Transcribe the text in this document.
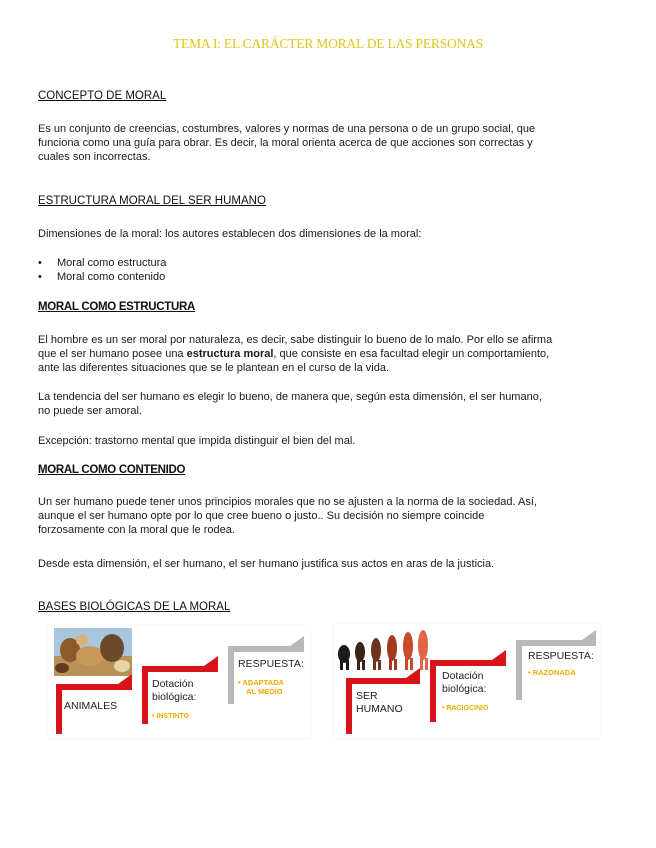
TEMA I: EL CARÁCTER MORAL DE LAS PERSONAS
CONCEPTO DE MORAL
Es un conjunto de creencias, costumbres, valores y normas de una persona o de un grupo social, que
funciona como una guía para obrar. Es decir, la moral orienta acerca de que acciones son correctas y
cuales son incorrectas.
ESTRUCTURA MORAL DEL SER HUMANO
Dimensiones de la moral: los autores establecen dos dimensiones de la moral:
• Moral como estructura
• Moral como contenido
MORAL COMO ESTRUCTURA
El hombre es un ser moral por naturaleza, es decir, sabe distinguir lo bueno de lo malo. Por ello se afirma
que el ser humano posee una estructura moral, que consiste en esa facultad elegir un comportamiento,
ante las diferentes situaciones que se le plantean en el curso de la vida.
La tendencia del ser humano es elegir lo bueno, de manera que, según esta dimensión, el ser humano,
no puede ser amoral.
Excepción: trastorno mental que impida distinguir el bien del mal.
MORAL COMO CONTENIDO
Un ser humano puede tener unos principios morales que no se ajusten a la norma de la sociedad. Así,
aunque el ser humano opte por lo que cree bueno o justo.. Su decisión no siempre coincide
forzosamente con la moral que le rodea.
Desde esta dimensión, el ser humano, el ser humano justifica sus actos en aras de la justicia.
BASES BIOLÓGICAS DE LA MORAL
ANIMALES
Dotación
biológica:
• INSTINTO
RESPUESTA:
• ADAPTADA
AL MEDIO	SER
HUMANO
Dotación
biológica:
• RACIOCINIO
RESPUESTA:
• RAZONADA
